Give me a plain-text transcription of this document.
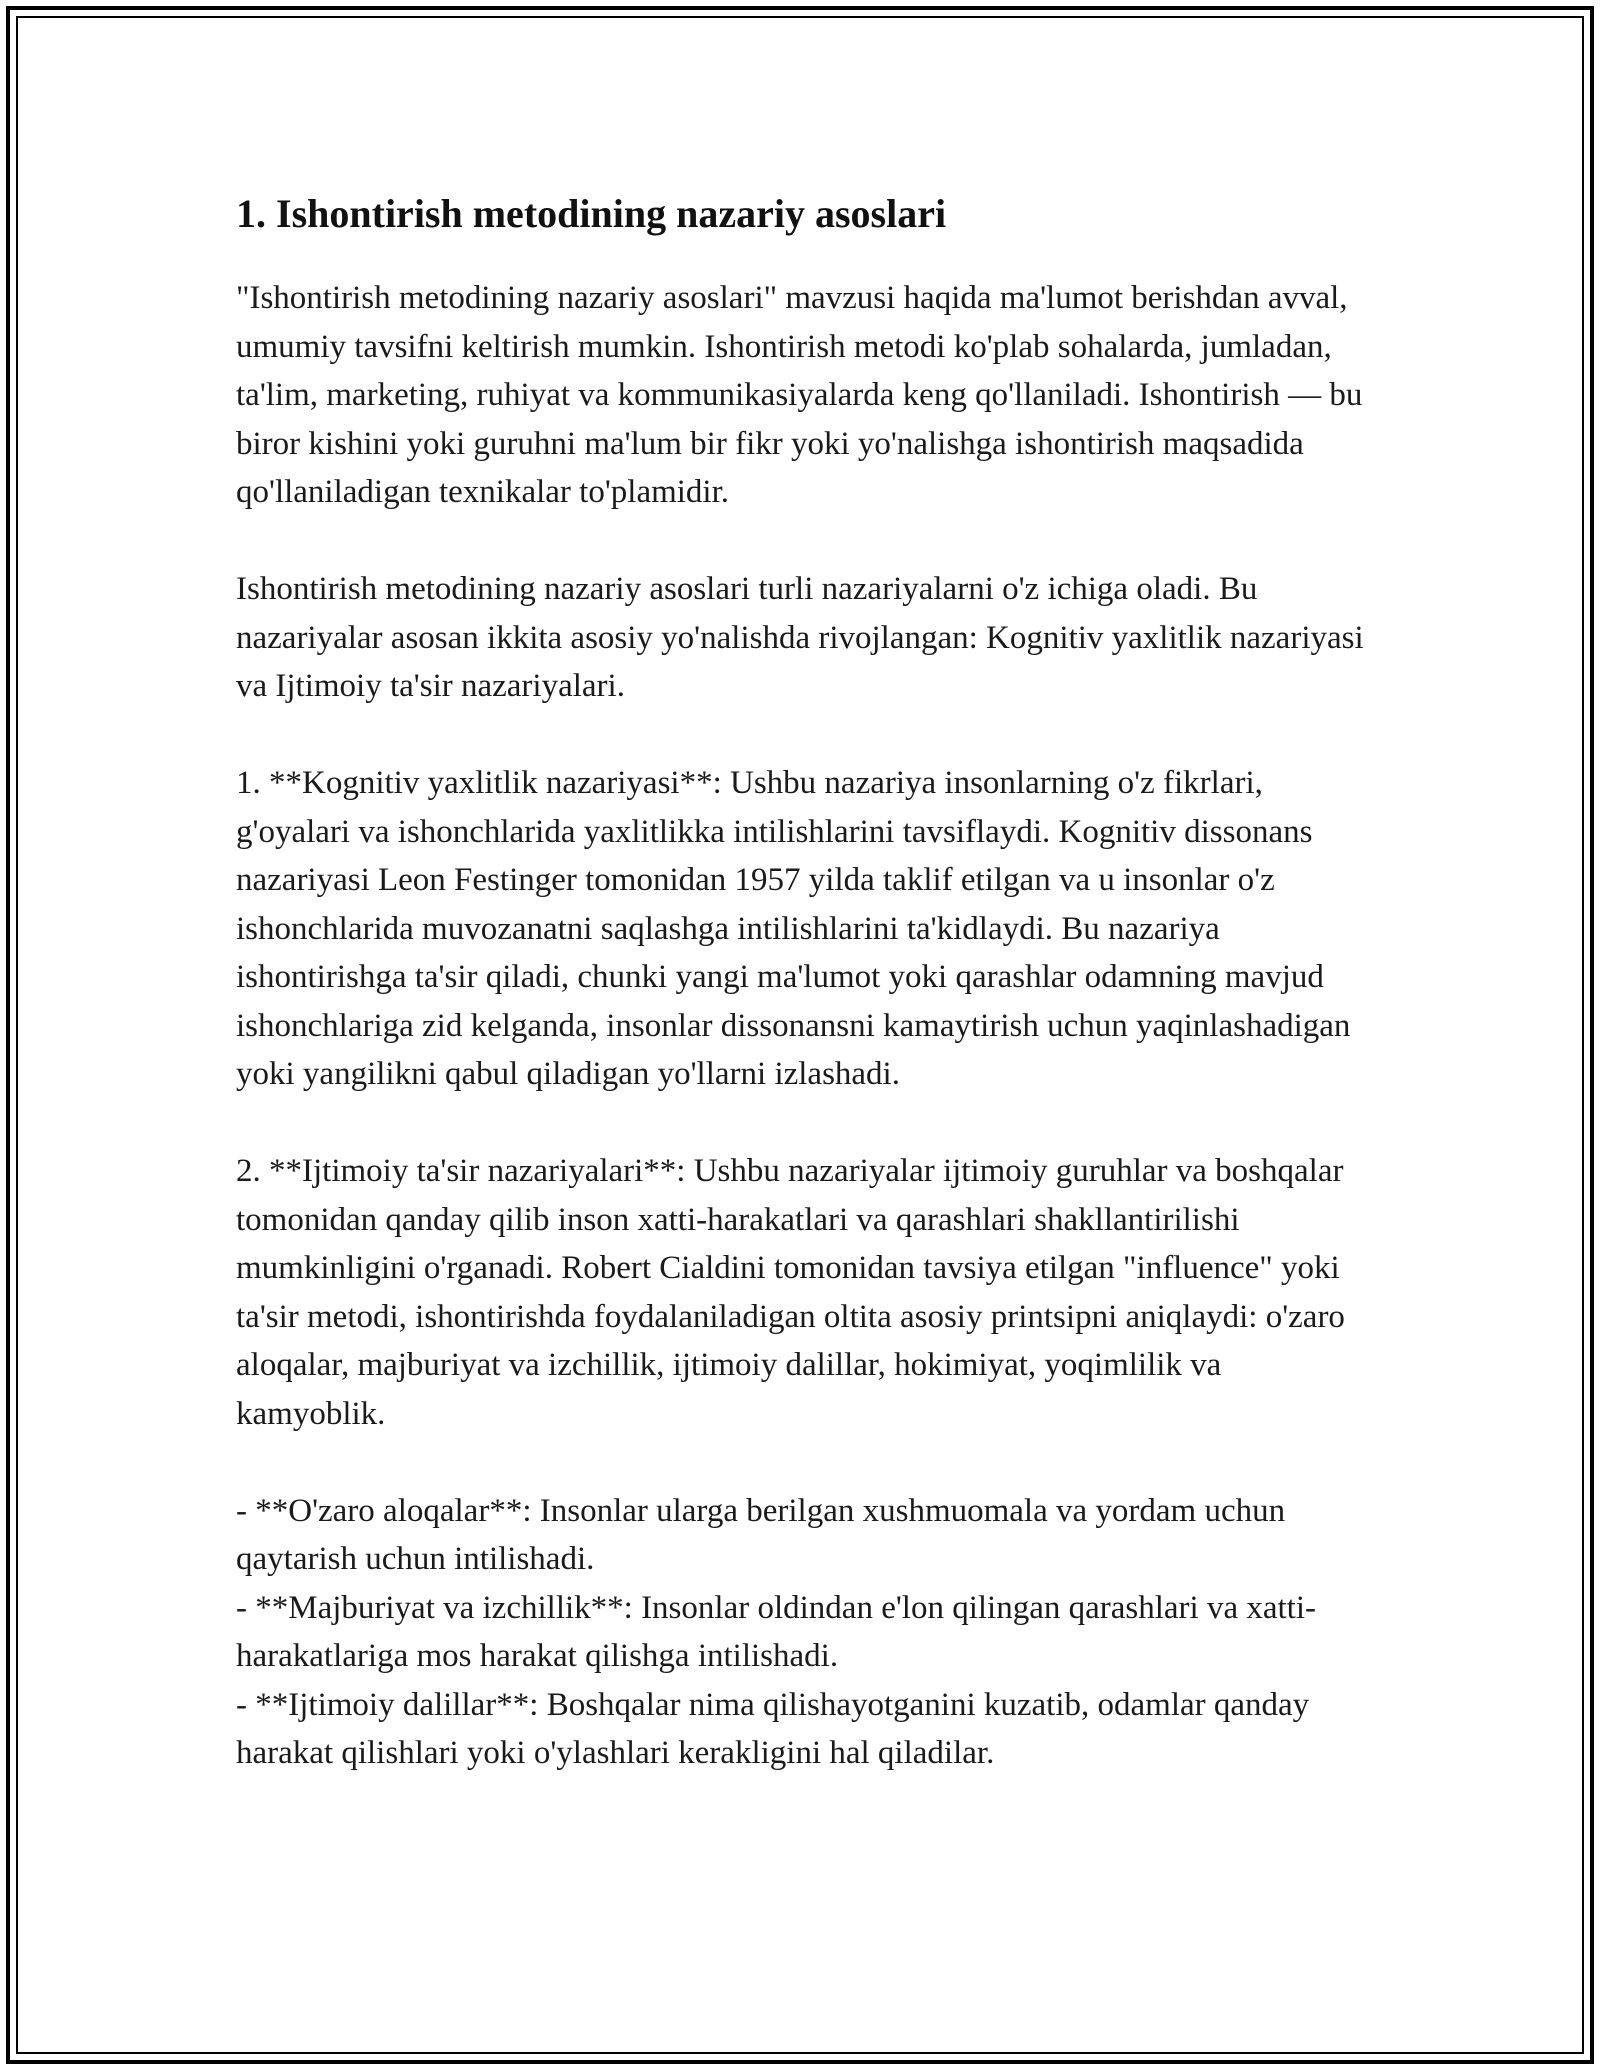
1. Ishontirish metodining nazariy asoslari

"Ishontirish metodining nazariy asoslari" mavzusi haqida ma'lumot berishdan avval, umumiy tavsifni keltirish mumkin. Ishontirish metodi ko'plab sohalarda, jumladan, ta'lim, marketing, ruhiyat va kommunikasiyalarda keng qo'llaniladi. Ishontirish — bu biror kishini yoki guruhni ma'lum bir fikr yoki yo'nalishga ishontirish maqsadida qo'llaniladigan texnikalar to'plamidir.

Ishontirish metodining nazariy asoslari turli nazariyalarni o'z ichiga oladi. Bu nazariyalar asosan ikkita asosiy yo'nalishda rivojlangan: Kognitiv yaxlitlik nazariyasi va Ijtimoiy ta'sir nazariyalari.

1. **Kognitiv yaxlitlik nazariyasi**: Ushbu nazariya insonlarning o'z fikrlari, g'oyalari va ishonchlarida yaxlitlikka intilishlarini tavsiflaydi. Kognitiv dissonans nazariyasi Leon Festinger tomonidan 1957 yilda taklif etilgan va u insonlar o'z ishonchlarida muvozanatni saqlashga intilishlarini ta'kidlaydi. Bu nazariya ishontirishga ta'sir qiladi, chunki yangi ma'lumot yoki qarashlar odamning mavjud ishonchlariga zid kelganda, insonlar dissonansni kamaytirish uchun yaqinlashadigan yoki yangilikni qabul qiladigan yo'llarni izlashadi.

2. **Ijtimoiy ta'sir nazariyalari**: Ushbu nazariyalar ijtimoiy guruhlar va boshqalar tomonidan qanday qilib inson xatti-harakatlari va qarashlari shakllantirilishi mumkinligini o'rganadi. Robert Cialdini tomonidan tavsiya etilgan "influence" yoki ta'sir metodi, ishontirishda foydalaniladigan oltita asosiy printsipni aniqlaydi: o'zaro aloqalar, majburiyat va izchillik, ijtimoiy dalillar, hokimiyat, yoqimlilik va kamyoblik.

- **O'zaro aloqalar**: Insonlar ularga berilgan xushmuomala va yordam uchun qaytarish uchun intilishadi.

- **Majburiyat va izchillik**: Insonlar oldindan e'lon qilingan qarashlari va xatti-harakatlariga mos harakat qilishga intilishadi.

- **Ijtimoiy dalillar**: Boshqalar nima qilishayotganini kuzatib, odamlar qanday harakat qilishlari yoki o'ylashlari kerakligini hal qiladilar.
